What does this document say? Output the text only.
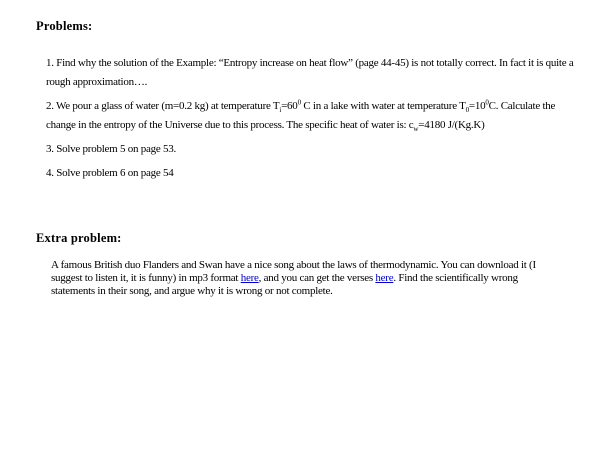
Problems:

1. Find why the solution of the Example: “Entropy increase on heat flow” (page 44-45) is not totally correct. In fact it is quite a rough approximation….

2. We pour a glass of water (m=0.2 kg) at temperature $T_i=60^0$ C in a lake with water at temperature $T_0=10^0C$. Calculate the change in the entropy of the Universe due to this process. The specific heat of water is: $c_w=4180$ J/(Kg.K)

3. Solve problem 5 on page 53.

4. Solve problem 6 on page 54

Extra problem:
A famous British duo Flanders and Swan have a nice song about the laws of thermodynamic. You can download it (I suggest to listen it, it is funny) in mp3 format here, and you can get the verses here. Find the scientifically wrong statements in their song, and argue why it is wrong or not complete.
